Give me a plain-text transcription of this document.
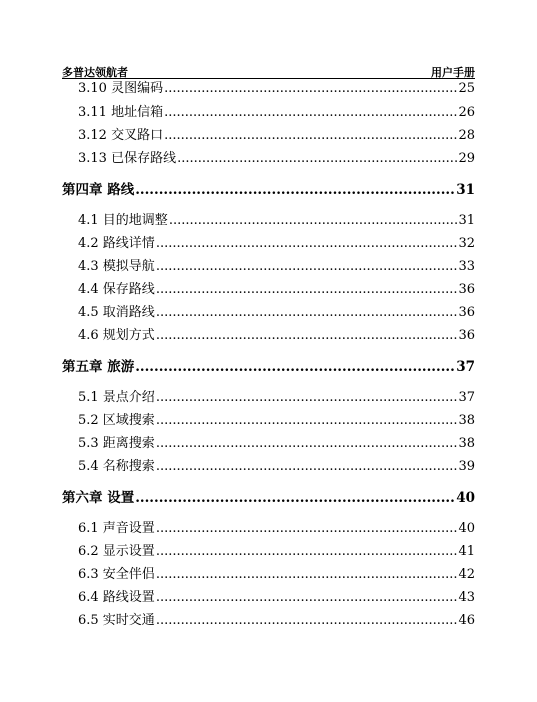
多普达领航者	用户手册
3.10 灵图编码 .....	25
3.11 地址信箱 .....	26
3.12 交叉路口 .....	28
3.13 已保存路线 .....	29
第四章 路线 .....	31
4.1 目的地调整 .....	31
4.2 路线详情 .....	32
4.3 模拟导航 .....	33
4.4 保存路线 .....	36
4.5 取消路线 .....	36
4.6 规划方式 .....	36
第五章 旅游 .....	37
5.1 景点介绍 .....	37
5.2 区域搜索 .....	38
5.3 距离搜索 .....	38
5.4 名称搜索 .....	39
第六章 设置 .....	40
6.1 声音设置 .....	40
6.2 显示设置 .....	41
6.3 安全伴侣 .....	42
6.4 路线设置 .....	43
6.5 实时交通 .....	46
